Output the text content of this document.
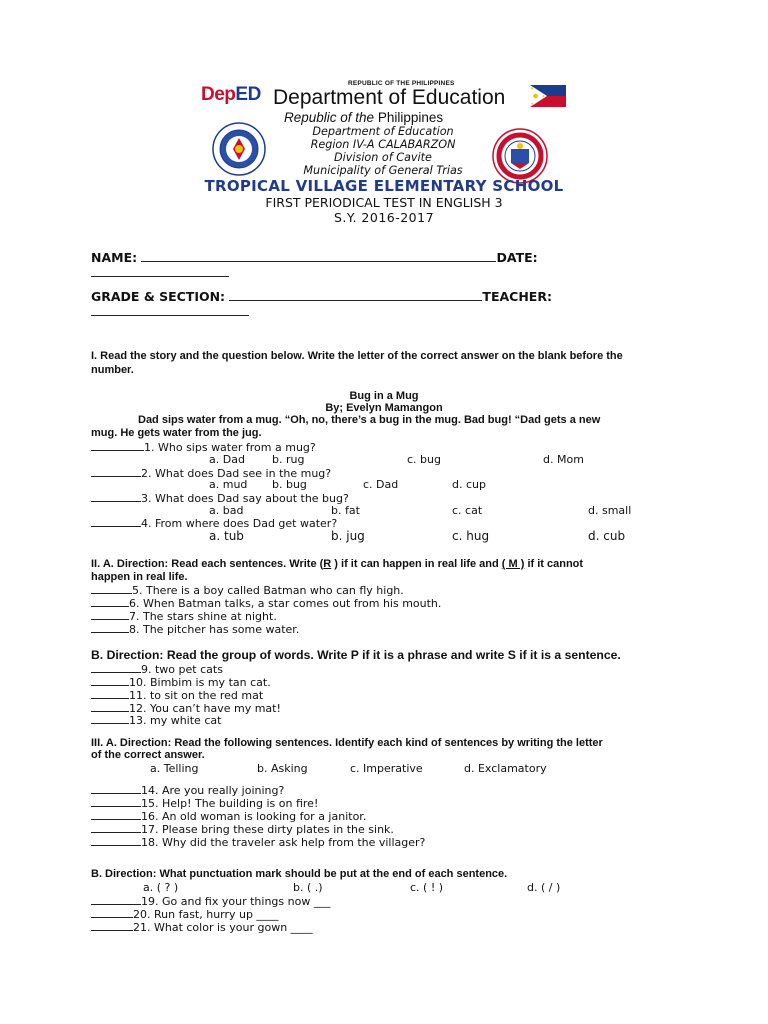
DepED
REPUBLIC OF THE PHILIPPINES
Department of Education
Republic of the Philippines
Department of Education
Region IV-A CALABARZON
Division of Cavite
Municipality of General Trias
TROPICAL VILLAGE ELEMENTARY SCHOOL
FIRST PERIODICAL TEST IN ENGLISH 3
S.Y. 2016-2017
NAME:	DATE:
GRADE & SECTION:	TEACHER:
I. Read the story and the question below. Write the letter of the correct answer on the blank before the
number.
Bug in a Mug
By; Evelyn Mamangon
Dad sips water from a mug. “Oh, no, there’s a bug in the mug. Bad bug! “Dad gets a new
mug. He gets water from the jug.
1. Who sips water from a mug?
a. Dad b. rug	c. bug	d. Mom
2. What does Dad see in the mug?
a. mud b. bug	c. Dad	d. cup
3. What does Dad say about the bug?
a. bad	b. fat	c. cat	d. small
4. From where does Dad get water?
a. tub	b. jug	c. hug	d. cub
II. A. Direction: Read each sentences. Write (R ) if it can happen in real life and ( M ) if it cannot
happen in real life.
5. There is a boy called Batman who can fly high.
6. When Batman talks, a star comes out from his mouth.
7. The stars shine at night.
8. The pitcher has some water.
B. Direction: Read the group of words. Write P if it is a phrase and write S if it is a sentence.
9. two pet cats
10. Bimbim is my tan cat.
11. to sit on the red mat
12. You can’t have my mat!
13. my white cat
III. A. Direction: Read the following sentences. Identify each kind of sentences by writing the letter
of the correct answer.
a. Telling	b. Asking	c. Imperative	d. Exclamatory
14. Are you really joining?
15. Help! The building is on fire!
16. An old woman is looking for a janitor.
17. Please bring these dirty plates in the sink.
18. Why did the traveler ask help from the villager?
B. Direction: What punctuation mark should be put at the end of each sentence.
a. ( ? )	b. ( .)	c. ( ! )	d. ( / )
19. Go and fix your things now ___
20. Run fast, hurry up ____
21. What color is your gown ____
